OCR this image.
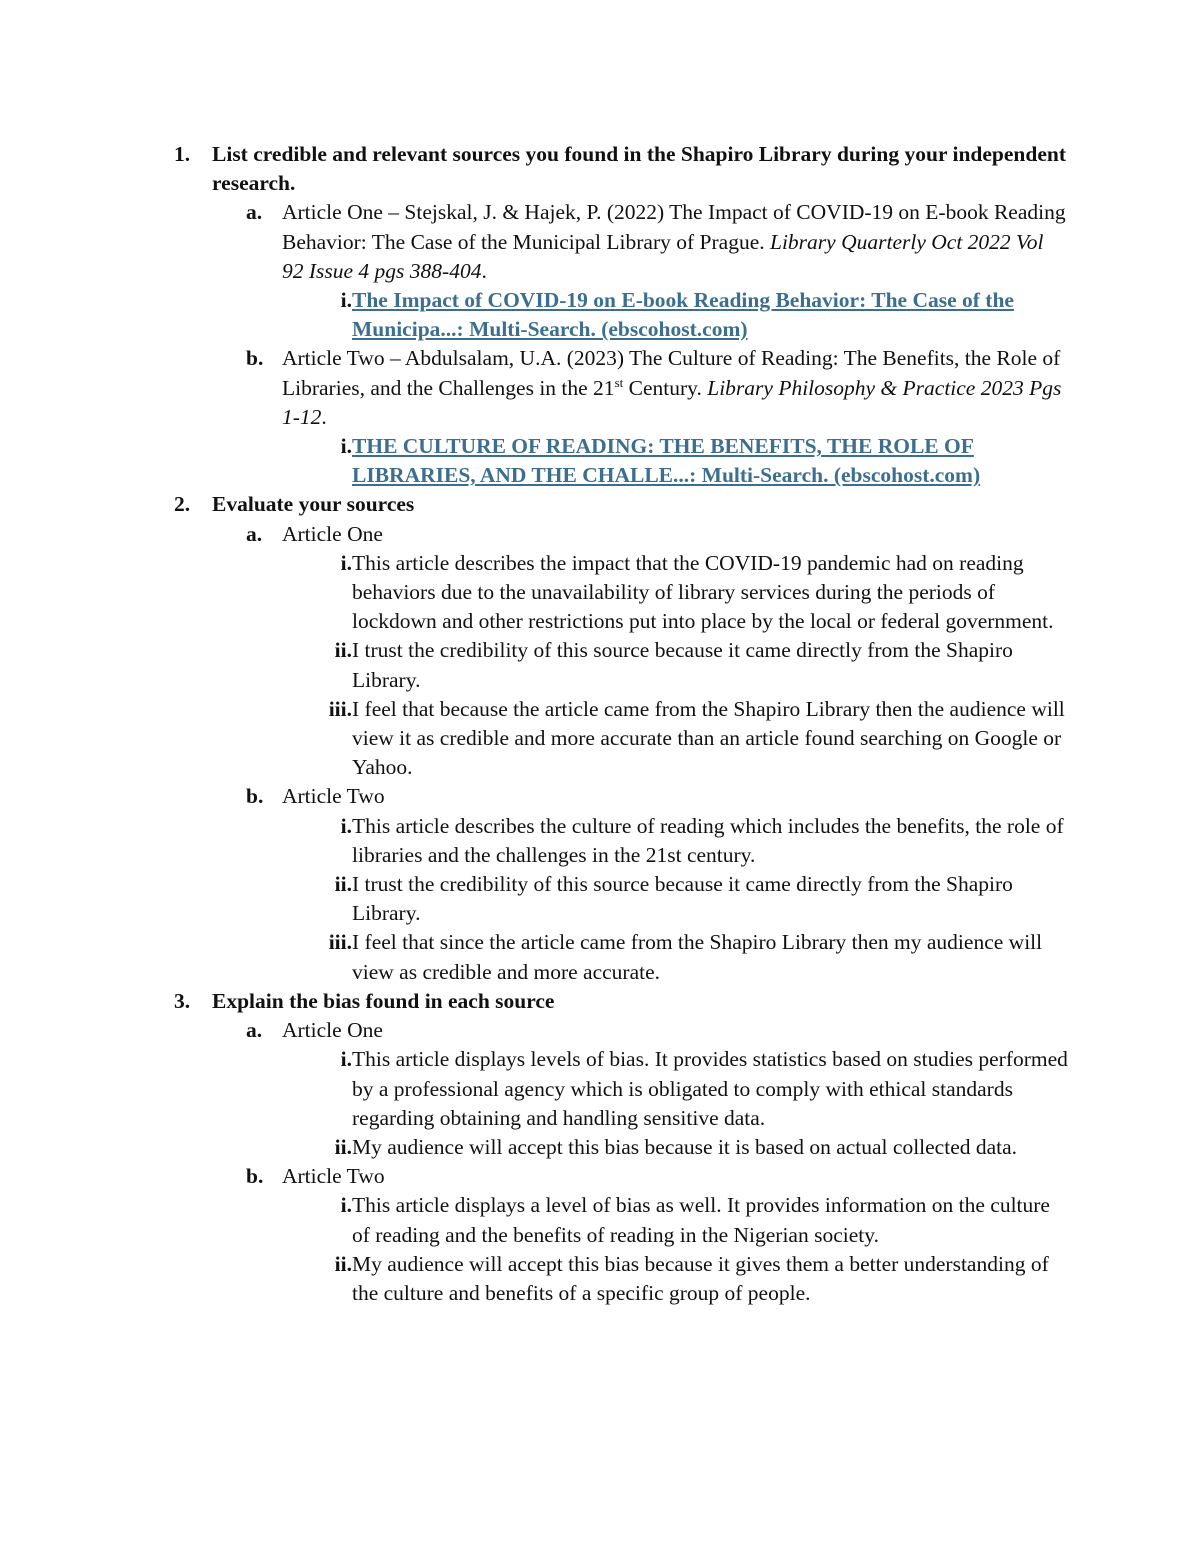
1. List credible and relevant sources you found in the Shapiro Library during your independent research.
a. Article One – Stejskal, J. & Hajek, P. (2022) The Impact of COVID-19 on E-book Reading Behavior: The Case of the Municipal Library of Prague. Library Quarterly Oct 2022 Vol 92 Issue 4 pgs 388-404.
i. The Impact of COVID-19 on E-book Reading Behavior: The Case of the Municipa...: Multi-Search. (ebscohost.com)
b. Article Two – Abdulsalam, U.A. (2023) The Culture of Reading: The Benefits, the Role of Libraries, and the Challenges in the 21st Century. Library Philosophy & Practice 2023 Pgs 1-12.
i. THE CULTURE OF READING: THE BENEFITS, THE ROLE OF LIBRARIES, AND THE CHALLE...: Multi-Search. (ebscohost.com)
2. Evaluate your sources
a. Article One
i. This article describes the impact that the COVID-19 pandemic had on reading behaviors due to the unavailability of library services during the periods of lockdown and other restrictions put into place by the local or federal government.
ii. I trust the credibility of this source because it came directly from the Shapiro Library.
iii. I feel that because the article came from the Shapiro Library then the audience will view it as credible and more accurate than an article found searching on Google or Yahoo.
b. Article Two
i. This article describes the culture of reading which includes the benefits, the role of libraries and the challenges in the 21st century.
ii. I trust the credibility of this source because it came directly from the Shapiro Library.
iii. I feel that since the article came from the Shapiro Library then my audience will view as credible and more accurate.
3. Explain the bias found in each source
a. Article One
i. This article displays levels of bias. It provides statistics based on studies performed by a professional agency which is obligated to comply with ethical standards regarding obtaining and handling sensitive data.
ii. My audience will accept this bias because it is based on actual collected data.
b. Article Two
i. This article displays a level of bias as well. It provides information on the culture of reading and the benefits of reading in the Nigerian society.
ii. My audience will accept this bias because it gives them a better understanding of the culture and benefits of a specific group of people.
